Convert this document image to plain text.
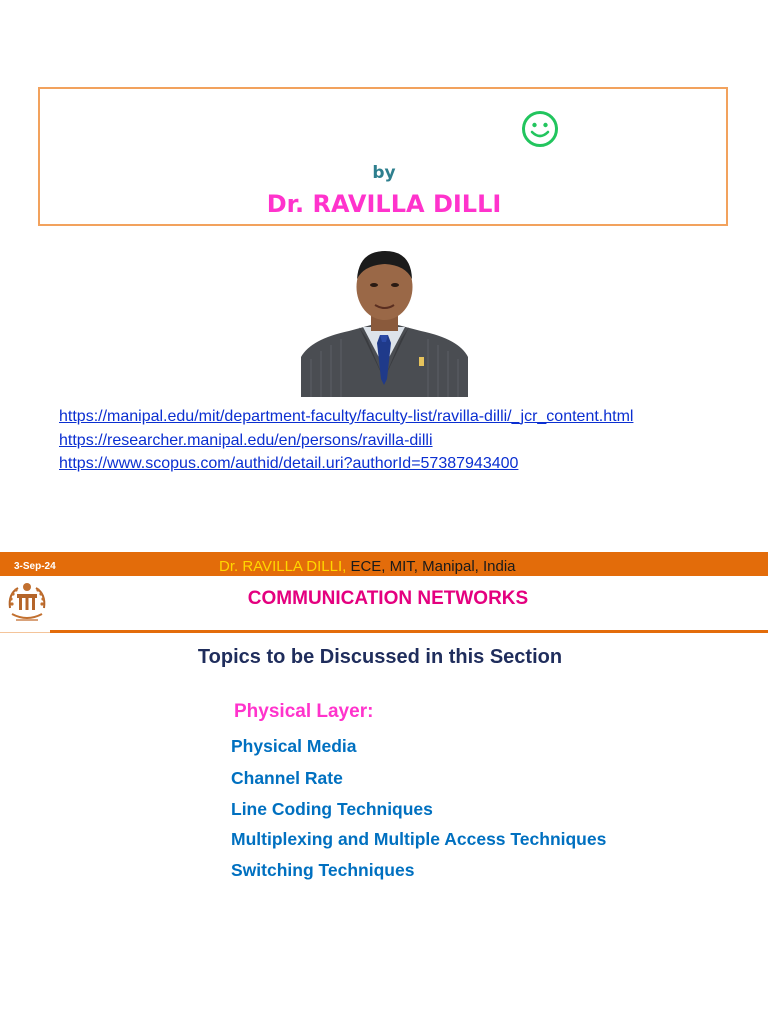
by
Dr. RAVILLA DILLI
https://manipal.edu/mit/department-faculty/faculty-list/ravilla-dilli/_jcr_content.html
https://researcher.manipal.edu/en/persons/ravilla-dilli
https://www.scopus.com/authid/detail.uri?authorId=57387943400
3-Sep-24	Dr. RAVILLA DILLI, ECE, MIT, Manipal, India
COMMUNICATION NETWORKS
Topics to be Discussed in this Section
Physical Layer:
Physical Media
Channel Rate
Line Coding Techniques
Multiplexing and Multiple Access Techniques
Switching Techniques
